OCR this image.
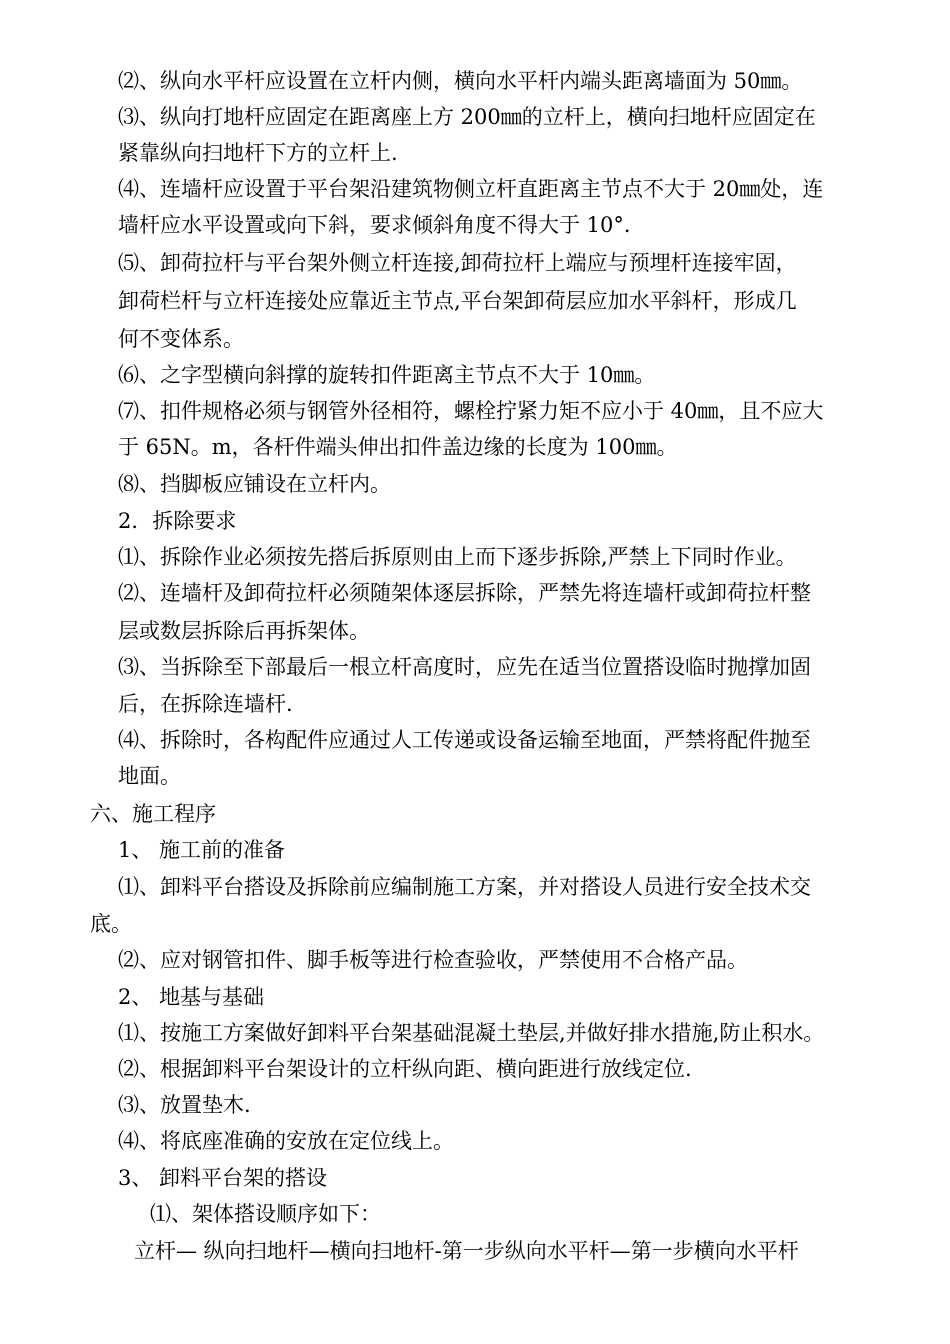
⑵、纵向水平杆应设置在立杆内侧，横向水平杆内端头距离墙面为 50㎜。
⑶、纵向打地杆应固定在距离座上方 200㎜的立杆上，横向扫地杆应固定在
紧靠纵向扫地杆下方的立杆上.
⑷、连墙杆应设置于平台架沿建筑物侧立杆直距离主节点不大于 20㎜处，连
墙杆应水平设置或向下斜，要求倾斜角度不得大于 10°．
⑸、卸荷拉杆与平台架外侧立杆连接,卸荷拉杆上端应与预埋杆连接牢固，
卸荷栏杆与立杆连接处应靠近主节点,平台架卸荷层应加水平斜杆，形成几
何不变体系。
⑹、之字型横向斜撑的旋转扣件距离主节点不大于 10㎜。
⑺、扣件规格必须与钢管外径相符，螺栓拧紧力矩不应小于 40㎜，且不应大
于 65N。m，各杆件端头伸出扣件盖边缘的长度为 100㎜。
⑻、挡脚板应铺设在立杆内。
2．拆除要求
⑴、拆除作业必须按先搭后拆原则由上而下逐步拆除,严禁上下同时作业。
⑵、连墙杆及卸荷拉杆必须随架体逐层拆除，严禁先将连墙杆或卸荷拉杆整
层或数层拆除后再拆架体。
⑶、当拆除至下部最后一根立杆高度时，应先在适当位置搭设临时抛撑加固
后，在拆除连墙杆.
⑷、拆除时，各构配件应通过人工传递或设备运输至地面，严禁将配件抛至
地面。
六、施工程序
1、 施工前的准备
⑴、卸料平台搭设及拆除前应编制施工方案，并对搭设人员进行安全技术交
底。
⑵、应对钢管扣件、脚手板等进行检查验收，严禁使用不合格产品。
2、 地基与基础
⑴、按施工方案做好卸料平台架基础混凝土垫层,并做好排水措施,防止积水。
⑵、根据卸料平台架设计的立杆纵向距、横向距进行放线定位.
⑶、放置垫木.
⑷、将底座准确的安放在定位线上。
3、 卸料平台架的搭设
⑴、架体搭设顺序如下：
立杆— 纵向扫地杆—横向扫地杆-第一步纵向水平杆—第一步横向水平杆
